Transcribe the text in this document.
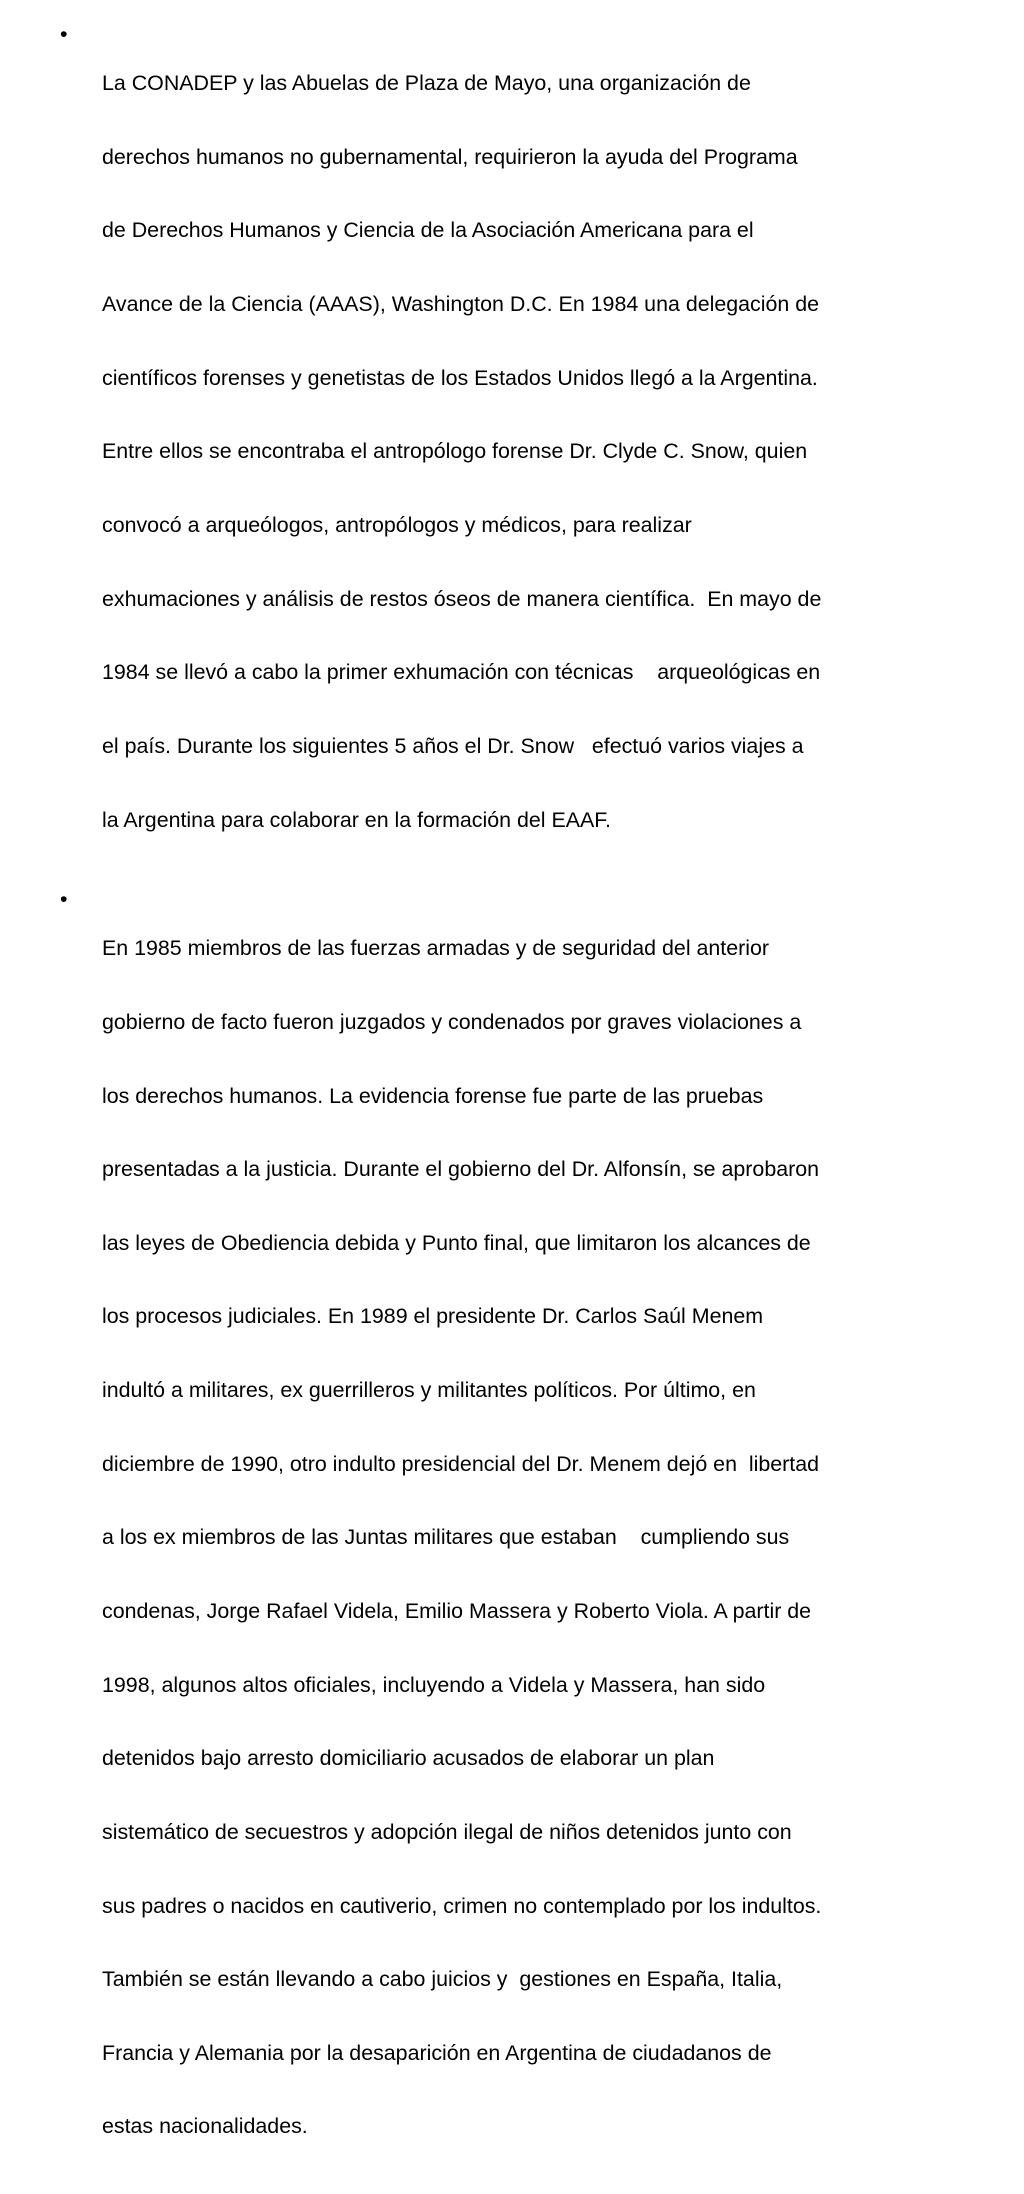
•

La CONADEP y las Abuelas de Plaza de Mayo, una organización de

derechos humanos no gubernamental, requirieron la ayuda del Programa

de Derechos Humanos y Ciencia de la Asociación Americana para el

Avance de la Ciencia (AAAS), Washington D.C. En 1984 una delegación de

científicos forenses y genetistas de los Estados Unidos llegó a la Argentina.

Entre ellos se encontraba el antropólogo forense Dr. Clyde C. Snow, quien

convocó a arqueólogos, antropólogos y médicos, para realizar

exhumaciones y análisis de restos óseos de manera científica.  En mayo de

1984 se llevó a cabo la primer exhumación con técnicas    arqueológicas en

el país. Durante los siguientes 5 años el Dr. Snow   efectuó varios viajes a

la Argentina para colaborar en la formación del EAAF.

•

En 1985 miembros de las fuerzas armadas y de seguridad del anterior

gobierno de facto fueron juzgados y condenados por graves violaciones a

los derechos humanos. La evidencia forense fue parte de las pruebas

presentadas a la justicia. Durante el gobierno del Dr. Alfonsín, se aprobaron

las leyes de Obediencia debida y Punto final, que limitaron los alcances de

los procesos judiciales. En 1989 el presidente Dr. Carlos Saúl Menem

indultó a militares, ex guerrilleros y militantes políticos. Por último, en

diciembre de 1990, otro indulto presidencial del Dr. Menem dejó en  libertad

a los ex miembros de las Juntas militares que estaban    cumpliendo sus

condenas, Jorge Rafael Videla, Emilio Massera y Roberto Viola. A partir de

1998, algunos altos oficiales, incluyendo a Videla y Massera, han sido

detenidos bajo arresto domiciliario acusados de elaborar un plan

sistemático de secuestros y adopción ilegal de niños detenidos junto con

sus padres o nacidos en cautiverio, crimen no contemplado por los indultos.

También se están llevando a cabo juicios y  gestiones en España, Italia,

Francia y Alemania por la desaparición en Argentina de ciudadanos de

estas nacionalidades.
